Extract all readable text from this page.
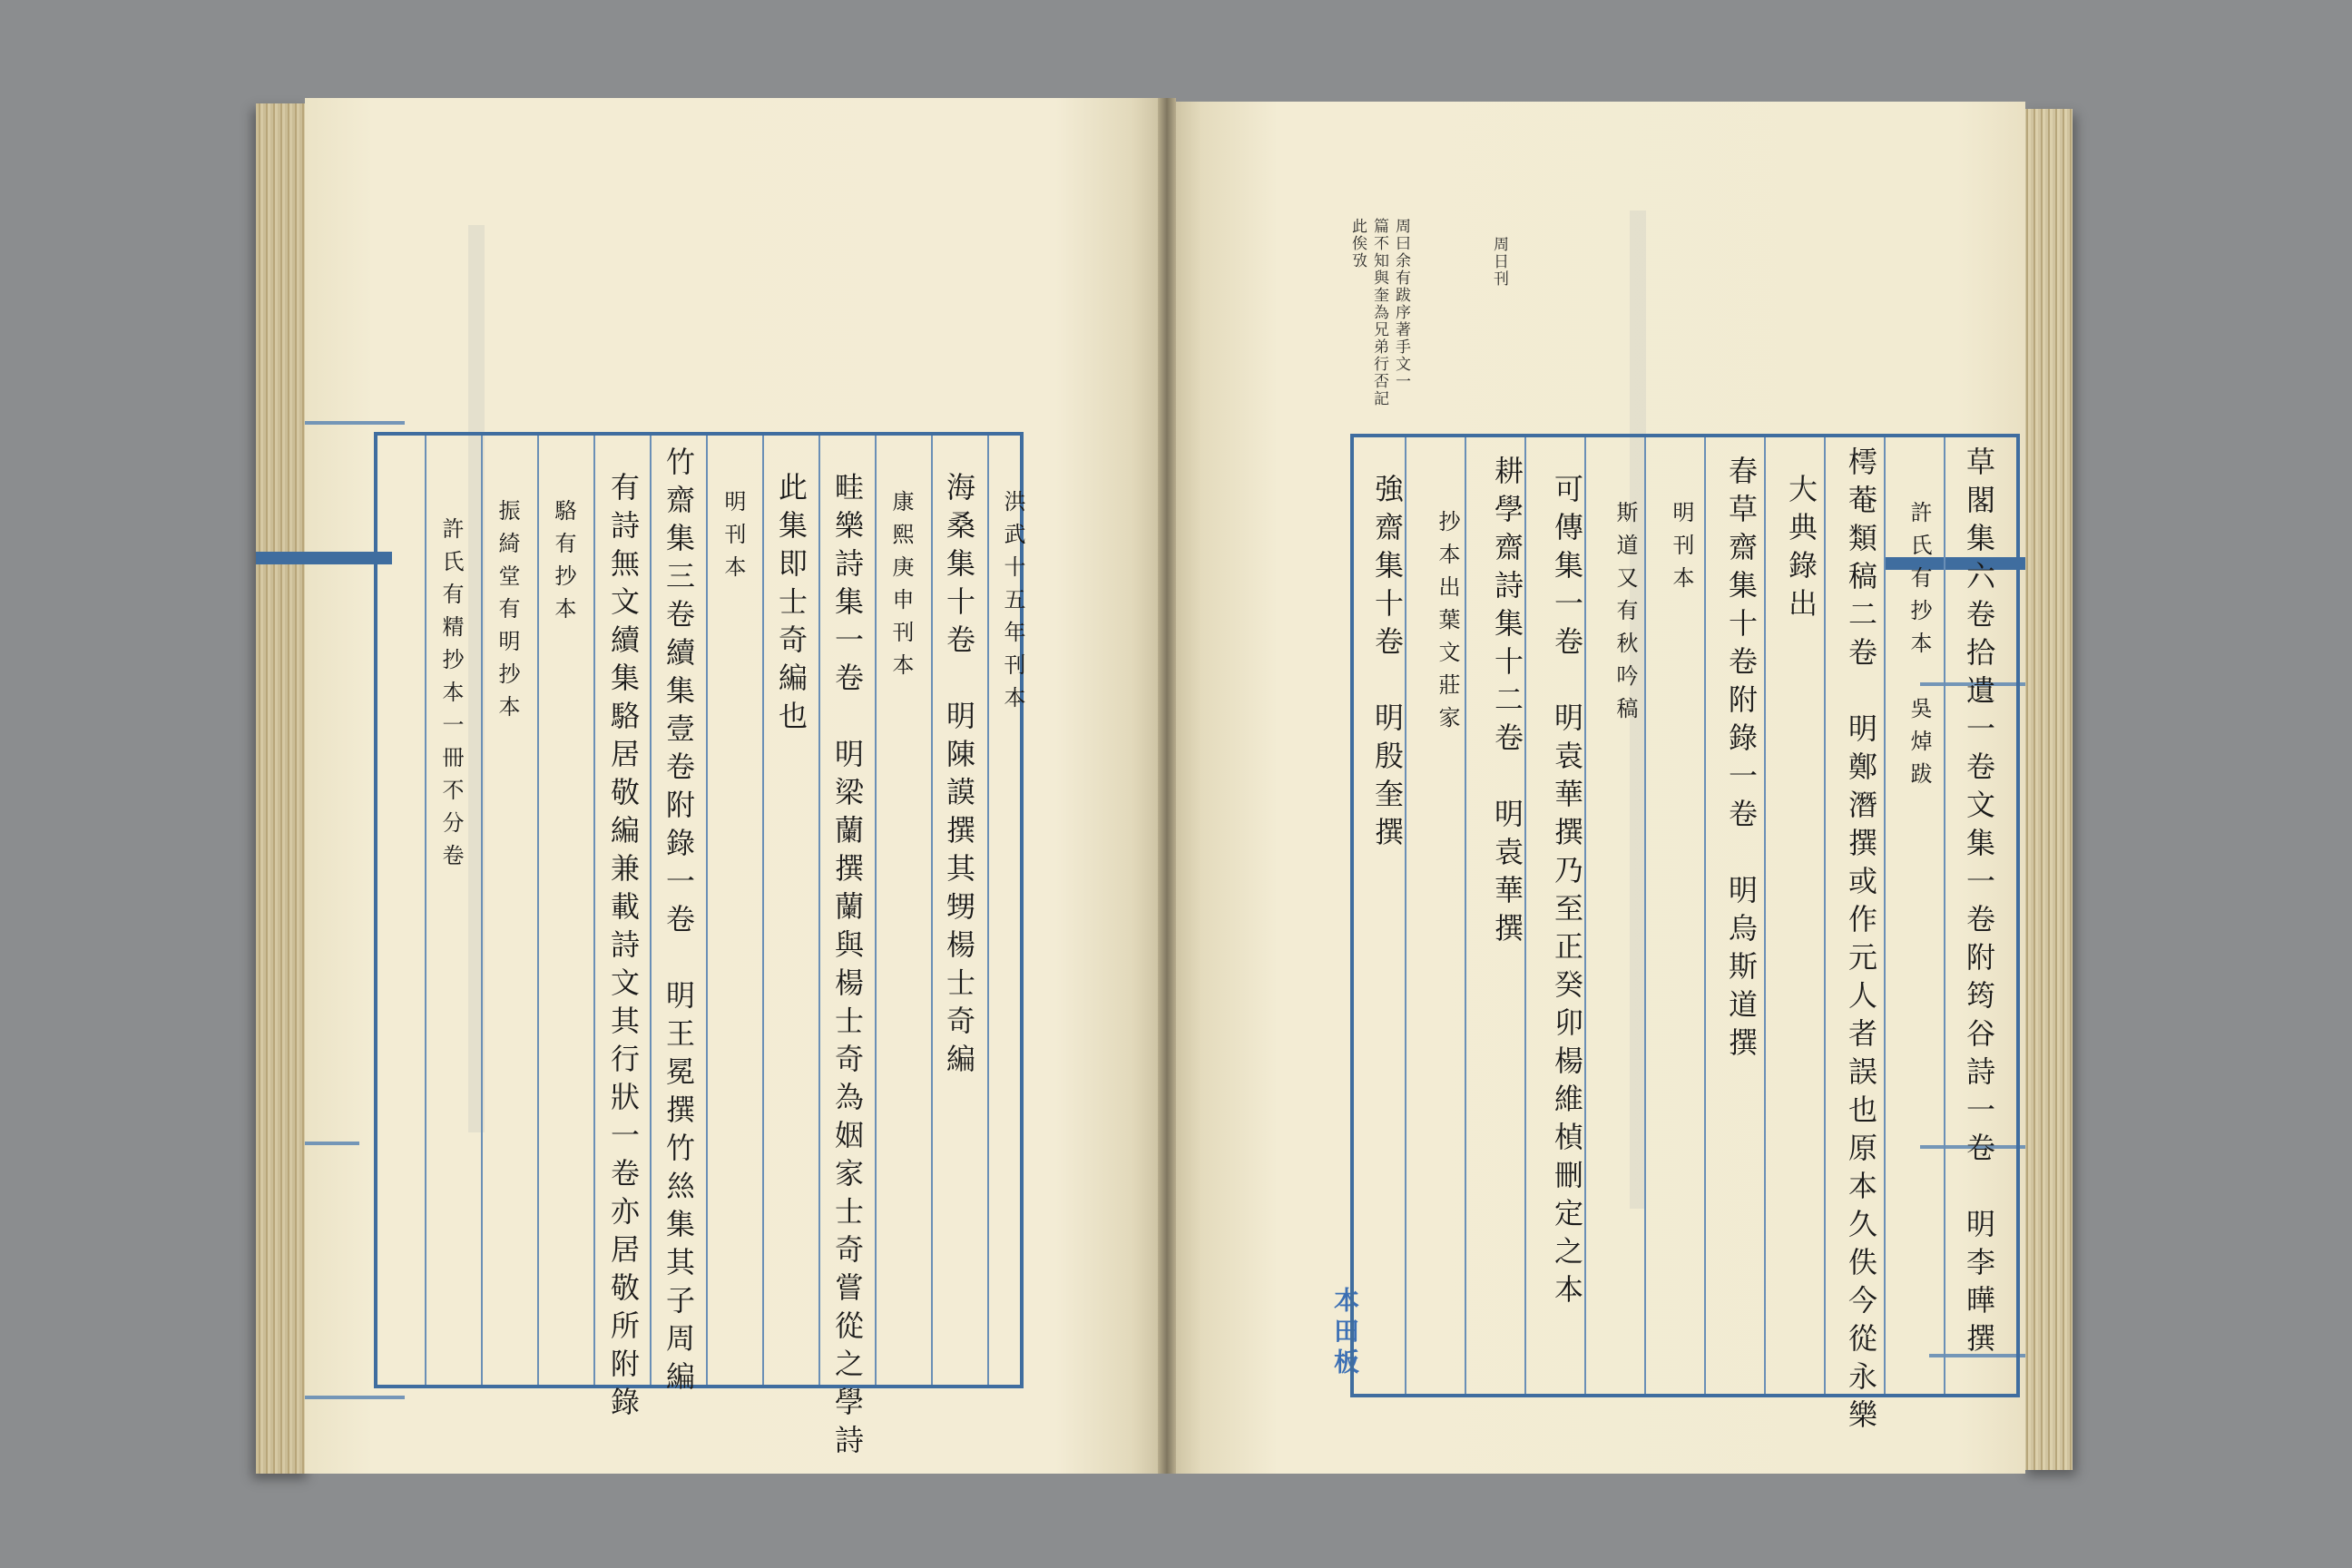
洪武十五年刊本
海桑集十卷　明陳謨撰其甥楊士奇編
康熙庚申刊本
畦樂詩集一卷　明梁蘭撰蘭與楊士奇為姻家士奇嘗從之學詩
此集即士奇編也
明刊本
竹齋集三卷續集壹卷附錄一卷　明王冕撰竹𢇁集其子周編
有詩無文續集駱居敬編兼載詩文其行狀一卷亦居敬所附錄
駱有抄本
振綺堂有明抄本
許氏有精抄本一冊不分卷
周日刊
周曰余有跋序著手文一
篇不知與奎為兄弟行否記
此俟攷
本田板	草閣集六卷拾遺一卷文集一卷附筠谷詩一卷　明李曄撰
許氏有抄本　吳焯跋
樗菴類稿二卷　明鄭潛撰或作元人者誤也原本久佚今從永樂
大典錄出
春草齋集十卷附錄一卷　明烏斯道撰
明刊本
斯道又有秋吟稿
可傳集一卷　明袁華撰乃至正癸卯楊維楨刪定之本
耕學齋詩集十二卷　明袁華撰
抄本出葉文莊家
強齋集十卷　明殷奎撰
